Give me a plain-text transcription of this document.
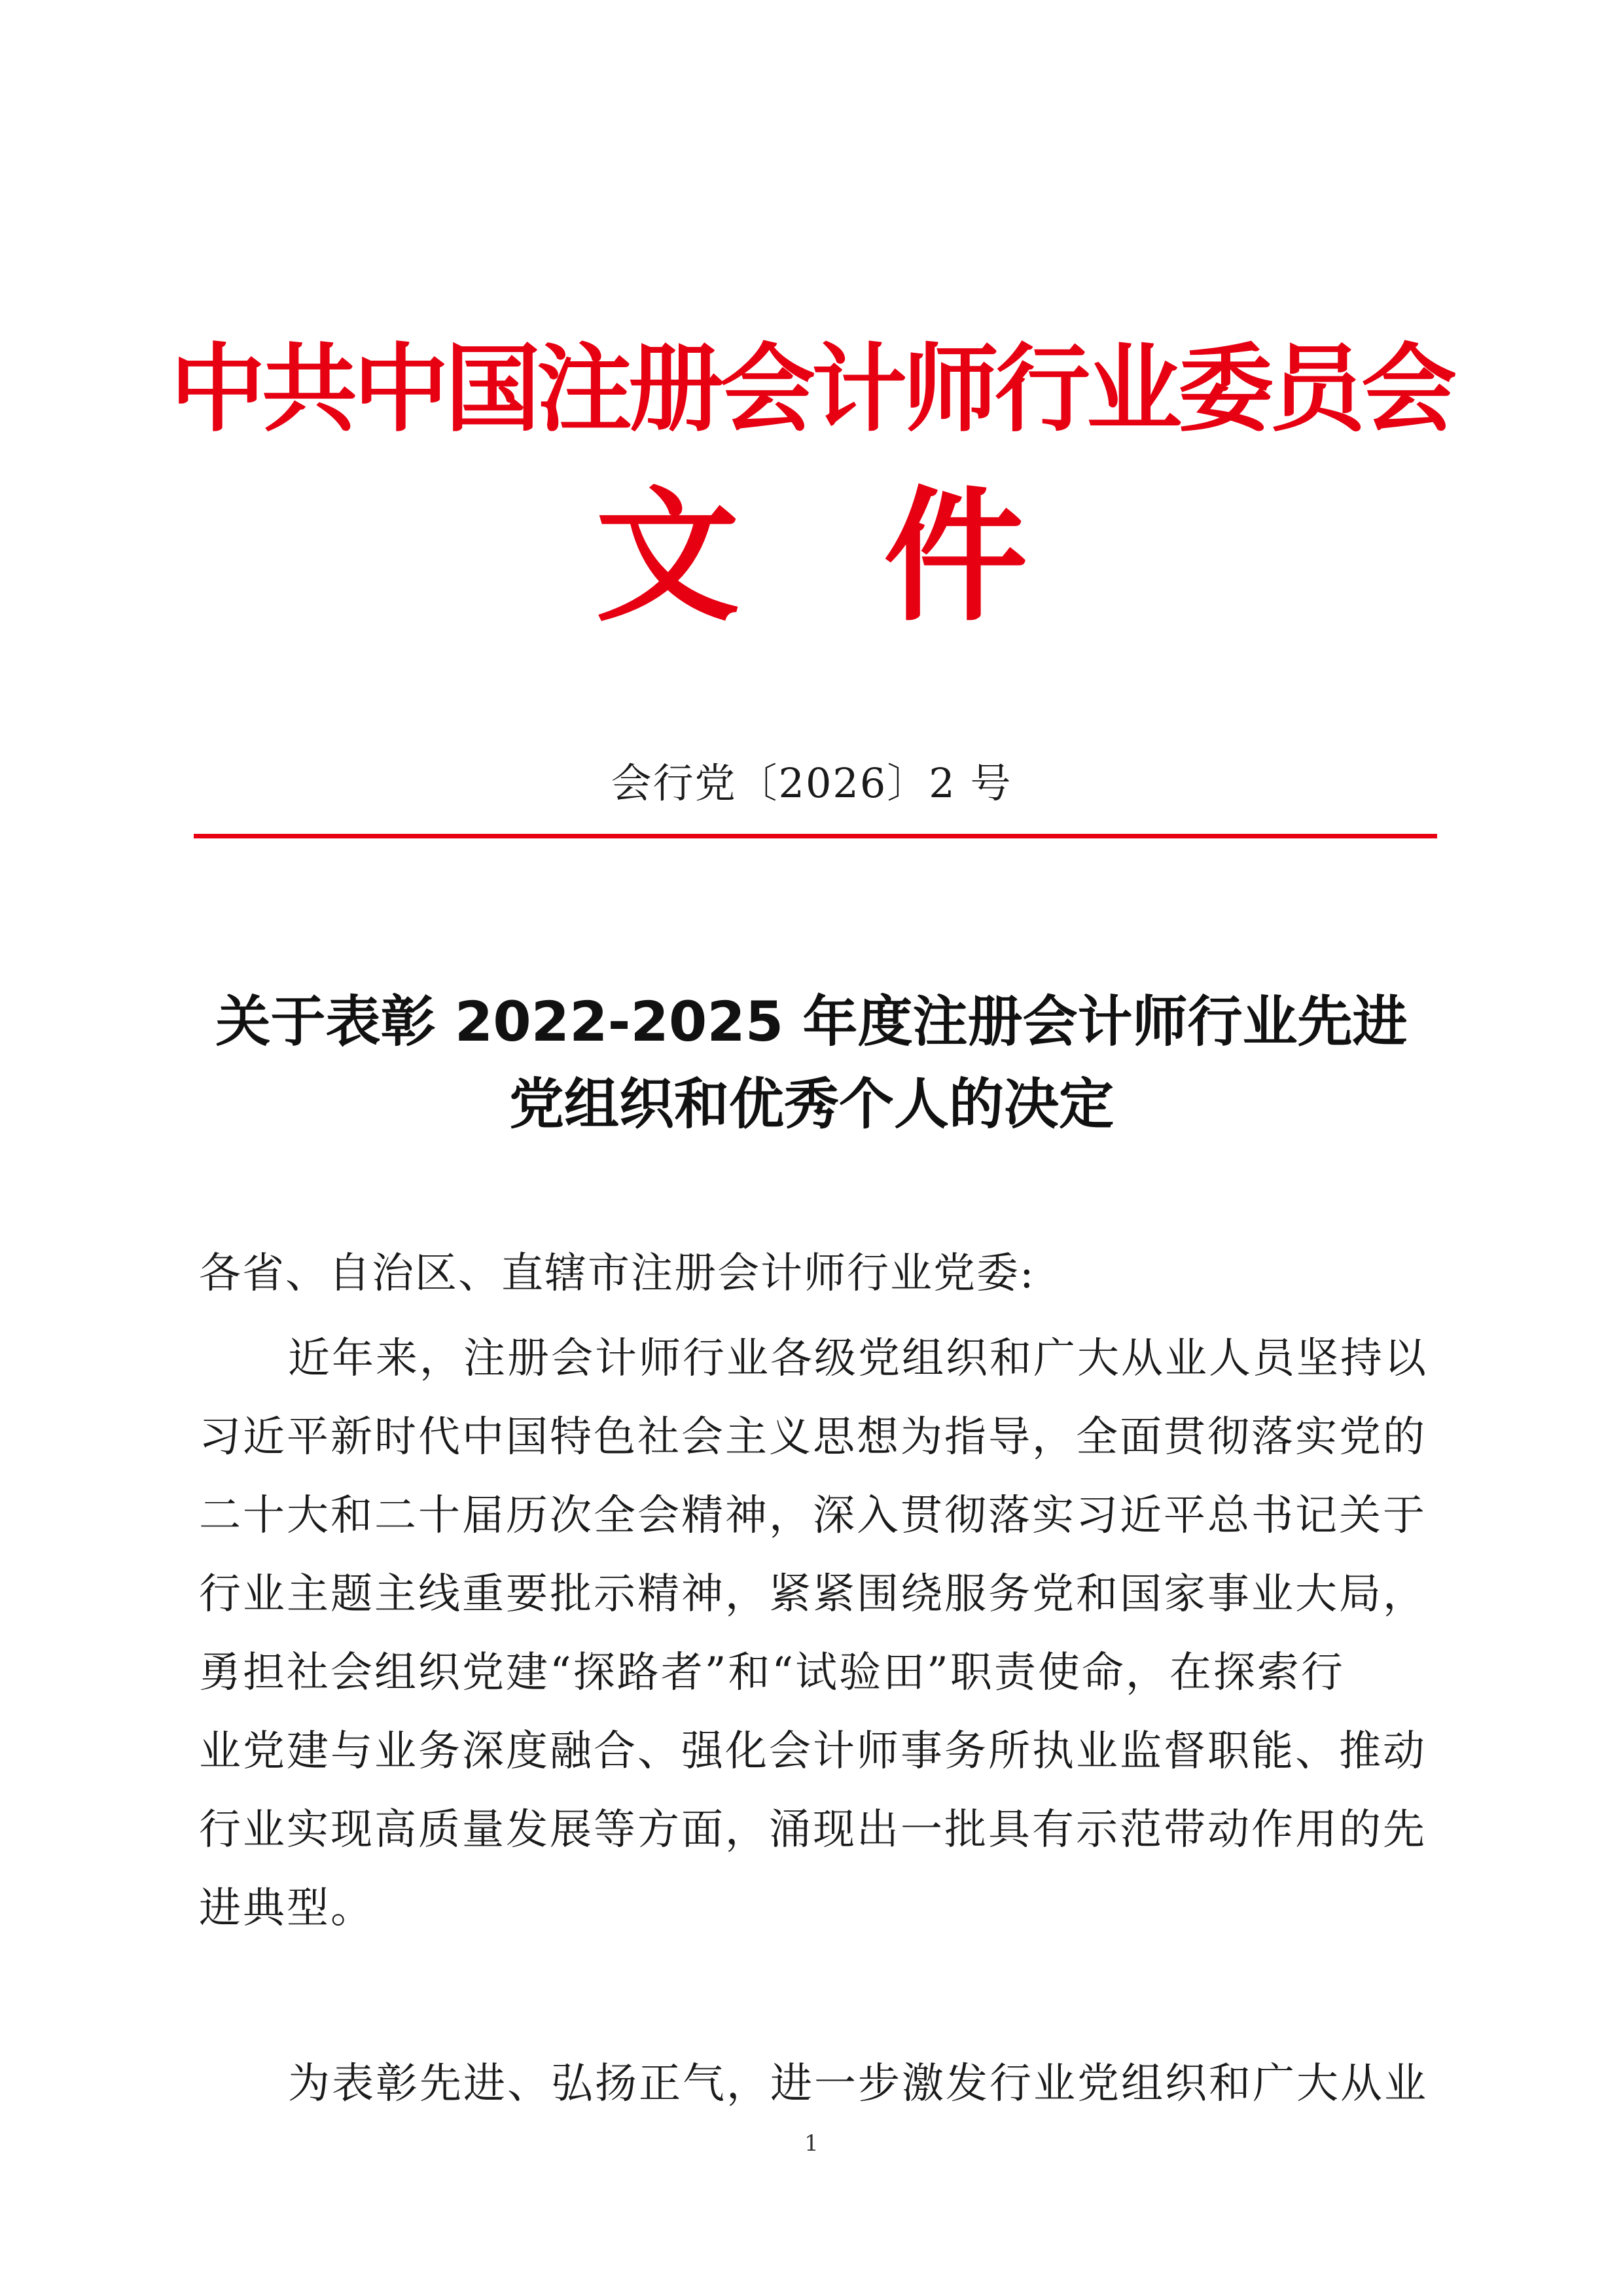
中共中国注册会计师行业委员会
文 件
会行党〔2026〕2 号
关于表彰 2022-2025 年度注册会计师行业先进
党组织和优秀个人的决定
各省、自治区、直辖市注册会计师行业党委:
近年来，注册会计师行业各级党组织和广大从业人员坚持以
习近平新时代中国特色社会主义思想为指导，全面贯彻落实党的
二十大和二十届历次全会精神，深入贯彻落实习近平总书记关于
行业主题主线重要批示精神，紧紧围绕服务党和国家事业大局，
勇担社会组织党建“探路者”和“试验田”职责使命，在探索行
业党建与业务深度融合、强化会计师事务所执业监督职能、推动
行业实现高质量发展等方面，涌现出一批具有示范带动作用的先
进典型。
为表彰先进、弘扬正气，进一步激发行业党组织和广大从业
1
